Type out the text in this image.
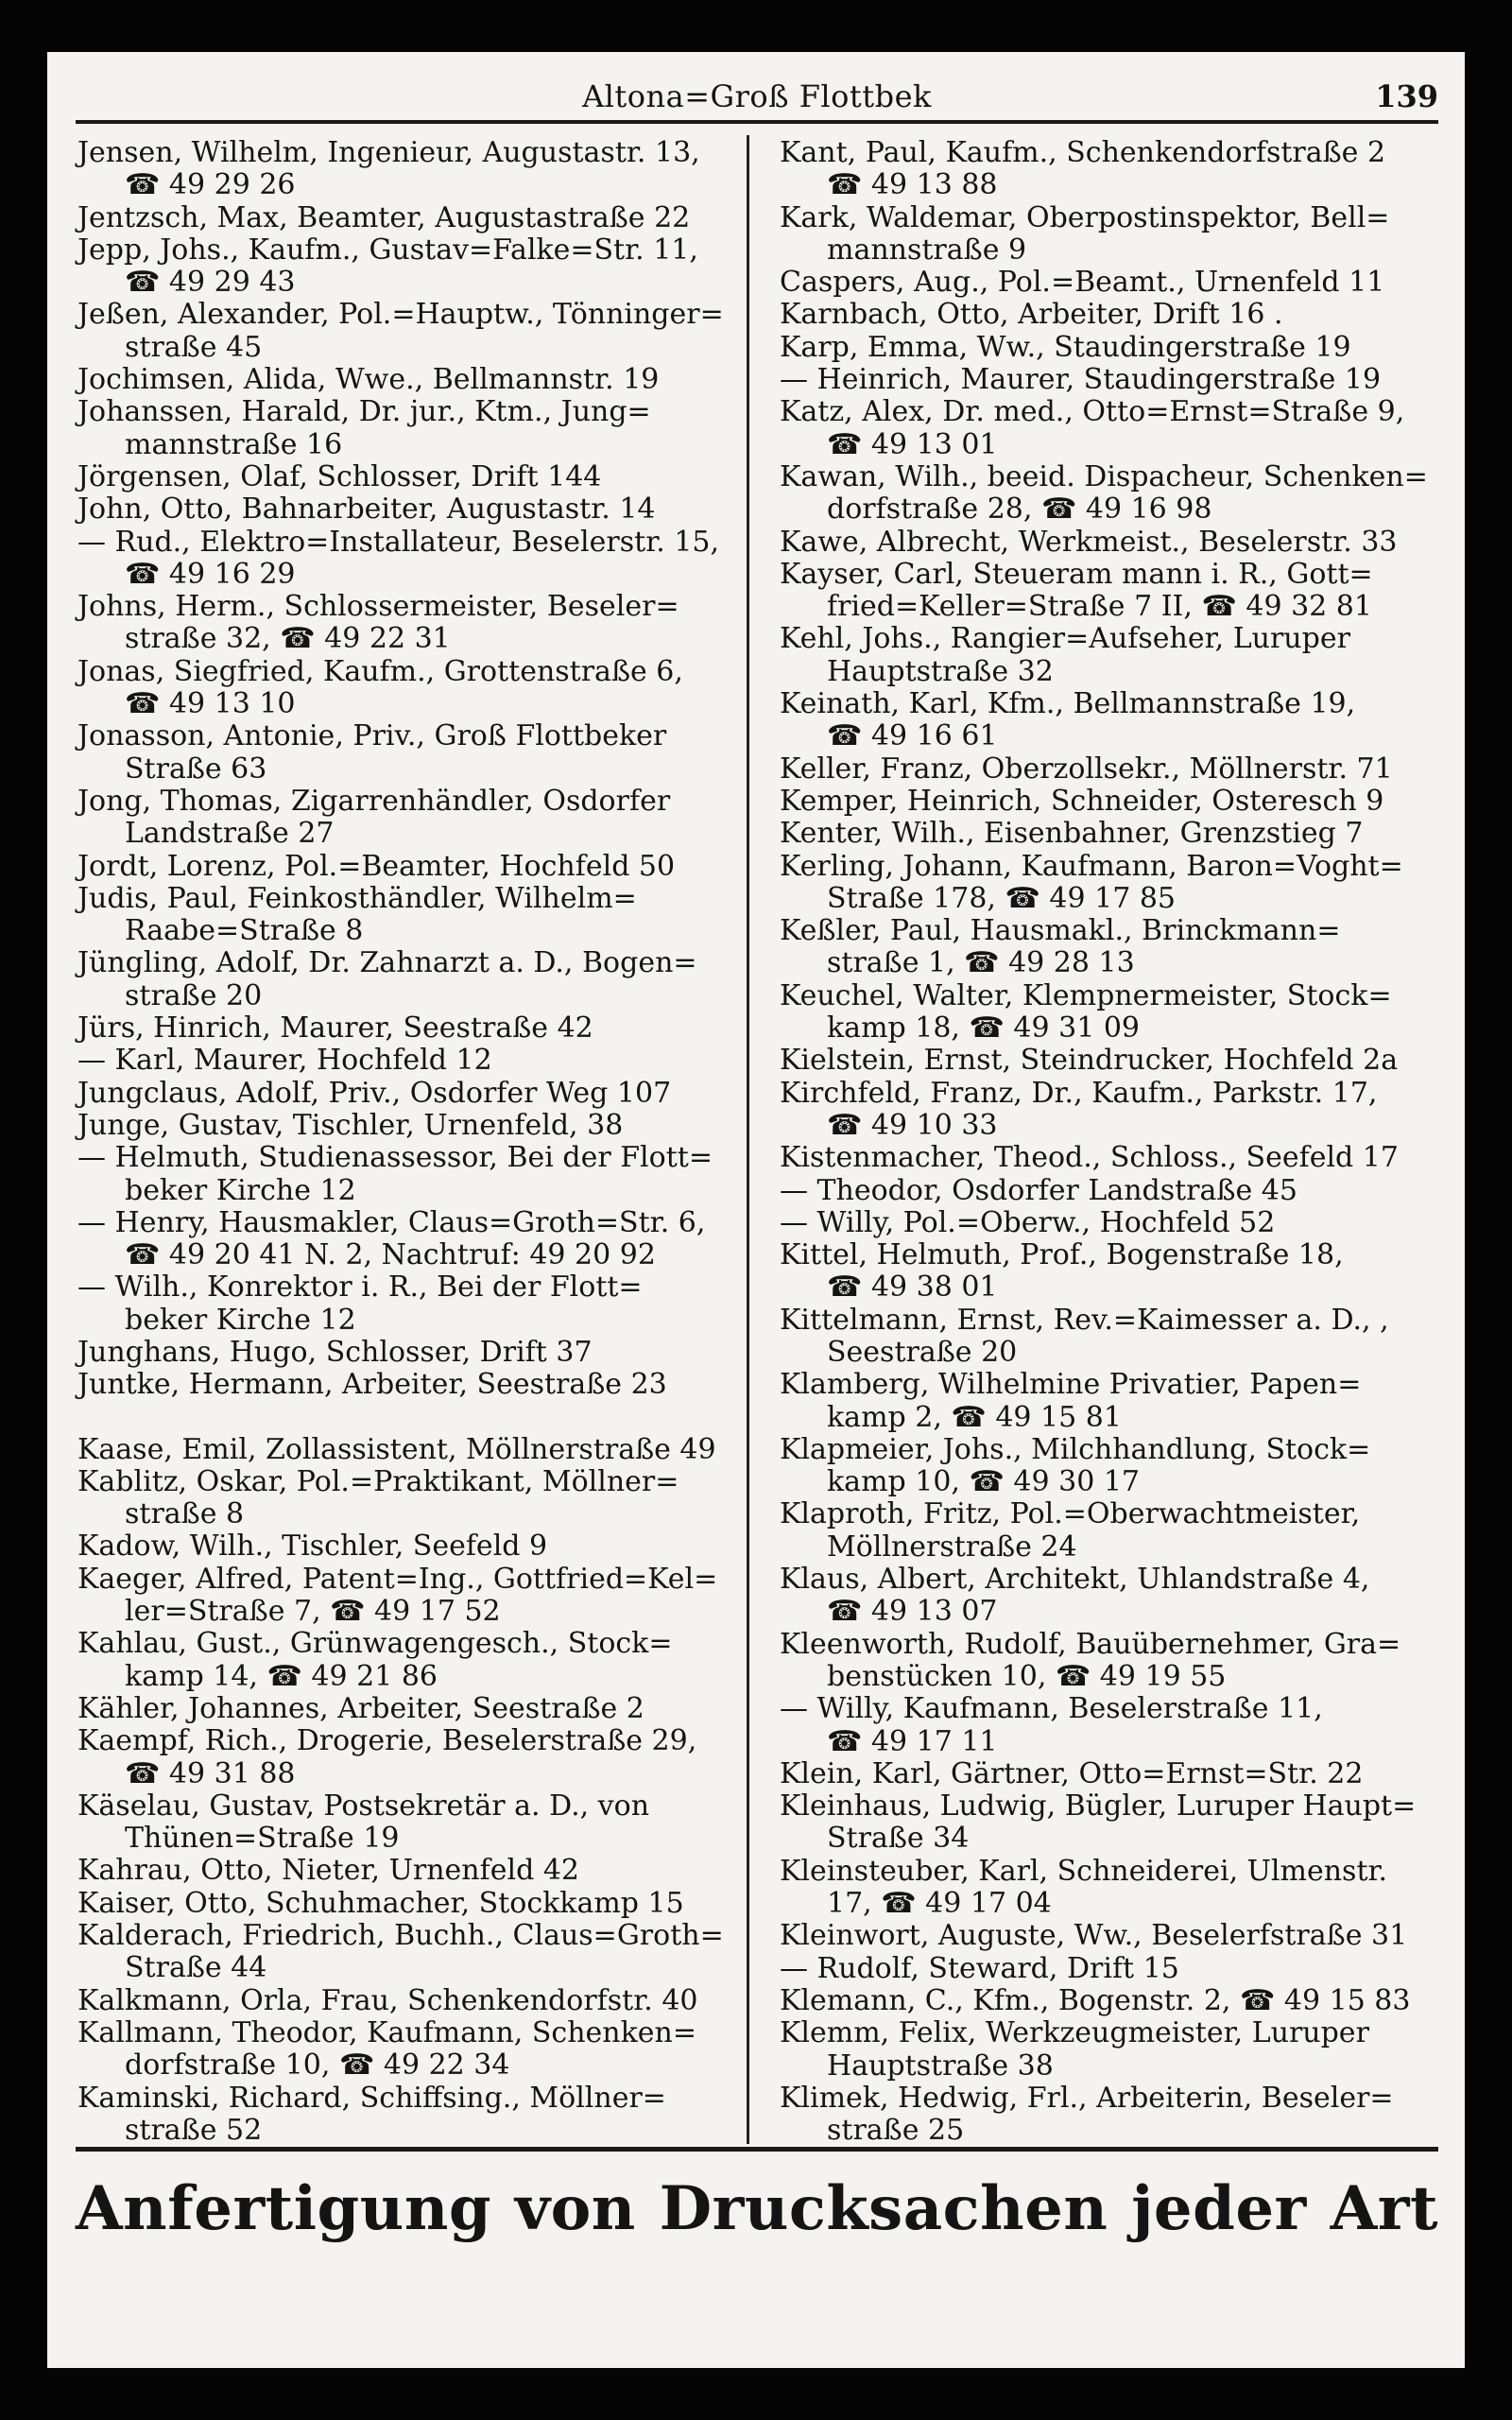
Altona=Groß Flottbek	139
Jensen, Wilhelm, Ingenieur, Augustastr. 13,
☎ 49 29 26
Jentzsch, Max, Beamter, Augustastraße 22
Jepp, Johs., Kaufm., Gustav=Falke=Str. 11,
☎ 49 29 43
Jeßen, Alexander, Pol.=Hauptw., Tönninger=
straße 45
Jochimsen, Alida, Wwe., Bellmannstr. 19
Johanssen, Harald, Dr. jur., Ktm., Jung=
mannstraße 16
Jörgensen, Olaf, Schlosser, Drift 144
John, Otto, Bahnarbeiter, Augustastr. 14
— Rud., Elektro=Installateur, Beselerstr. 15,
☎ 49 16 29
Johns, Herm., Schlossermeister, Beseler=
straße 32, ☎ 49 22 31
Jonas, Siegfried, Kaufm., Grottenstraße 6,
☎ 49 13 10
Jonasson, Antonie, Priv., Groß Flottbeker
Straße 63
Jong, Thomas, Zigarrenhändler, Osdorfer
Landstraße 27
Jordt, Lorenz, Pol.=Beamter, Hochfeld 50
Judis, Paul, Feinkosthändler, Wilhelm=
Raabe=Straße 8
Jüngling, Adolf, Dr. Zahnarzt a. D., Bogen=
straße 20
Jürs, Hinrich, Maurer, Seestraße 42
— Karl, Maurer, Hochfeld 12
Jungclaus, Adolf, Priv., Osdorfer Weg 107
Junge, Gustav, Tischler, Urnenfeld, 38
— Helmuth, Studienassessor, Bei der Flott=
beker Kirche 12
— Henry, Hausmakler, Claus=Groth=Str. 6,
☎ 49 20 41 N. 2, Nachtruf: 49 20 92
— Wilh., Konrektor i. R., Bei der Flott=
beker Kirche 12
Junghans, Hugo, Schlosser, Drift 37
Juntke, Hermann, Arbeiter, Seestraße 23
Kaase, Emil, Zollassistent, Möllnerstraße 49
Kablitz, Oskar, Pol.=Praktikant, Möllner=
straße 8
Kadow, Wilh., Tischler, Seefeld 9
Kaeger, Alfred, Patent=Ing., Gottfried=Kel=
ler=Straße 7, ☎ 49 17 52
Kahlau, Gust., Grünwagengesch., Stock=
kamp 14, ☎ 49 21 86
Kähler, Johannes, Arbeiter, Seestraße 2
Kaempf, Rich., Drogerie, Beselerstraße 29,
☎ 49 31 88
Käselau, Gustav, Postsekretär a. D., von
Thünen=Straße 19
Kahrau, Otto, Nieter, Urnenfeld 42
Kaiser, Otto, Schuhmacher, Stockkamp 15
Kalderach, Friedrich, Buchh., Claus=Groth=
Straße 44
Kalkmann, Orla, Frau, Schenkendorfstr. 40
Kallmann, Theodor, Kaufmann, Schenken=
dorfstraße 10, ☎ 49 22 34
Kaminski, Richard, Schiffsing., Möllner=
straße 52
Kant, Paul, Kaufm., Schenkendorfstraße 2
☎ 49 13 88
Kark, Waldemar, Oberpostinspektor, Bell=
mannstraße 9
Caspers, Aug., Pol.=Beamt., Urnenfeld 11
Karnbach, Otto, Arbeiter, Drift 16 .
Karp, Emma, Ww., Staudingerstraße 19
— Heinrich, Maurer, Staudingerstraße 19
Katz, Alex, Dr. med., Otto=Ernst=Straße 9,
☎ 49 13 01
Kawan, Wilh., beeid. Dispacheur, Schenken=
dorfstraße 28, ☎ 49 16 98
Kawe, Albrecht, Werkmeist., Beselerstr. 33
Kayser, Carl, Steueram mann i. R., Gott=
fried=Keller=Straße 7 II, ☎ 49 32 81
Kehl, Johs., Rangier=Aufseher, Luruper
Hauptstraße 32
Keinath, Karl, Kfm., Bellmannstraße 19,
☎ 49 16 61
Keller, Franz, Oberzollsekr., Möllnerstr. 71
Kemper, Heinrich, Schneider, Osteresch 9
Kenter, Wilh., Eisenbahner, Grenzstieg 7
Kerling, Johann, Kaufmann, Baron=Voght=
Straße 178, ☎ 49 17 85
Keßler, Paul, Hausmakl., Brinckmann=
straße 1, ☎ 49 28 13
Keuchel, Walter, Klempnermeister, Stock=
kamp 18, ☎ 49 31 09
Kielstein, Ernst, Steindrucker, Hochfeld 2a
Kirchfeld, Franz, Dr., Kaufm., Parkstr. 17,
☎ 49 10 33
Kistenmacher, Theod., Schloss., Seefeld 17
— Theodor, Osdorfer Landstraße 45
— Willy, Pol.=Oberw., Hochfeld 52
Kittel, Helmuth, Prof., Bogenstraße 18,
☎ 49 38 01
Kittelmann, Ernst, Rev.=Kaimesser a. D., ,
Seestraße 20
Klamberg, Wilhelmine Privatier, Papen=
kamp 2, ☎ 49 15 81
Klapmeier, Johs., Milchhandlung, Stock=
kamp 10, ☎ 49 30 17
Klaproth, Fritz, Pol.=Oberwachtmeister,
Möllnerstraße 24
Klaus, Albert, Architekt, Uhlandstraße 4,
☎ 49 13 07
Kleenworth, Rudolf, Bauübernehmer, Gra=
benstücken 10, ☎ 49 19 55
— Willy, Kaufmann, Beselerstraße 11,
☎ 49 17 11
Klein, Karl, Gärtner, Otto=Ernst=Str. 22
Kleinhaus, Ludwig, Bügler, Luruper Haupt=
Straße 34
Kleinsteuber, Karl, Schneiderei, Ulmenstr.
17, ☎ 49 17 04
Kleinwort, Auguste, Ww., Beselerfstraße 31
— Rudolf, Steward, Drift 15
Klemann, C., Kfm., Bogenstr. 2, ☎ 49 15 83
Klemm, Felix, Werkzeugmeister, Luruper
Hauptstraße 38
Klimek, Hedwig, Frl., Arbeiterin, Beseler=
straße 25
Anfertigung von Drucksachen jeder Art
